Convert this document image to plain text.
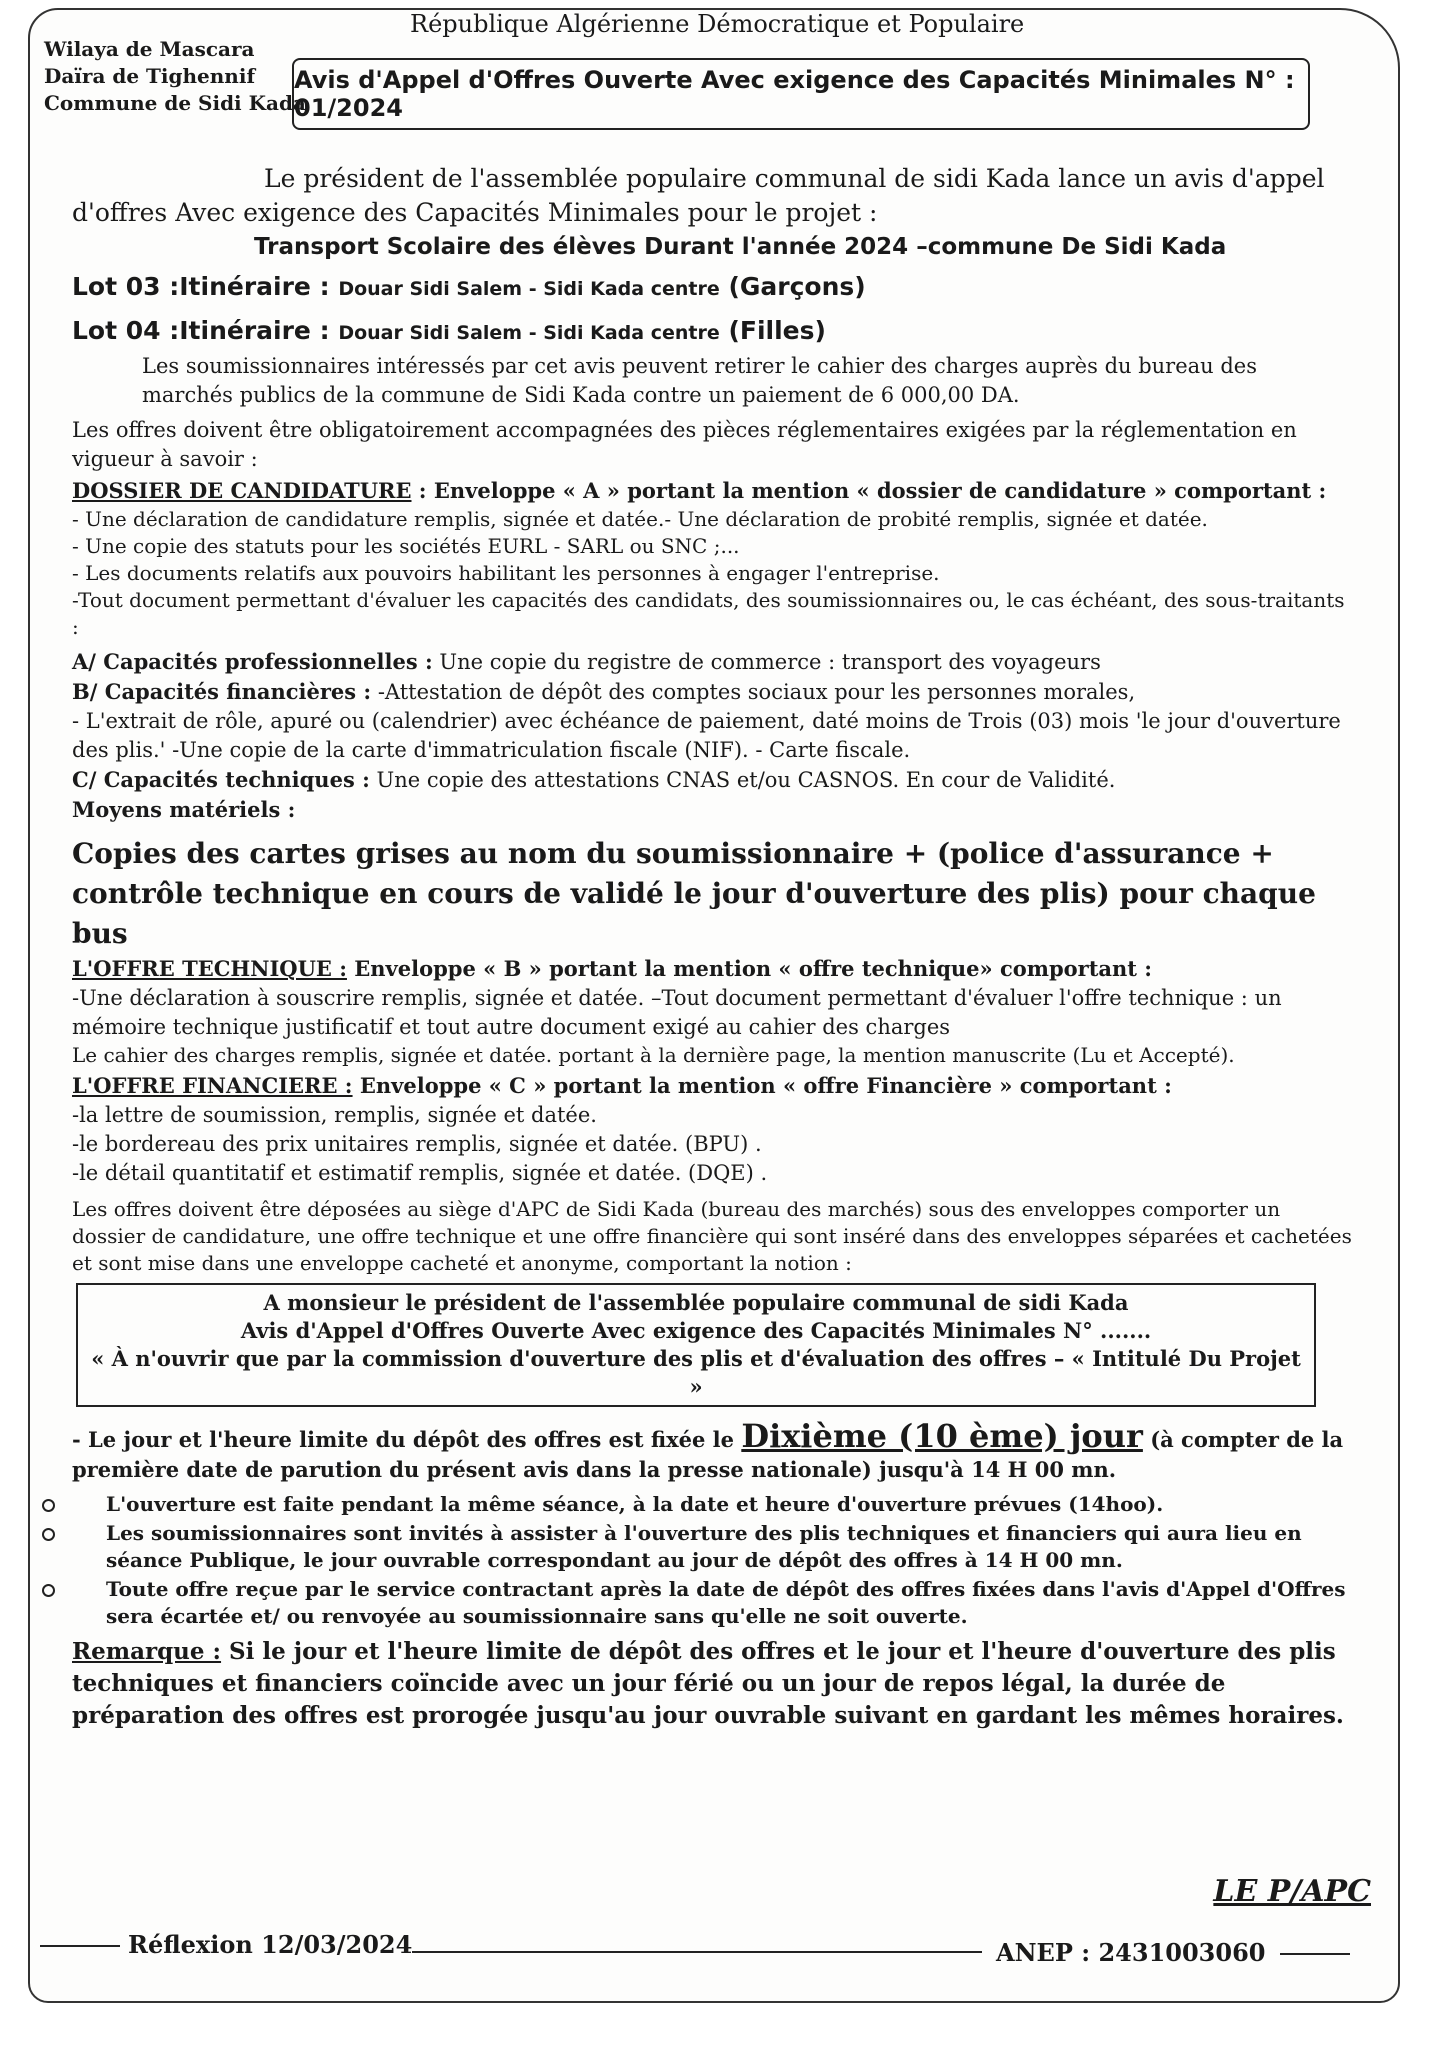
République Algérienne Démocratique et Populaire
Wilaya de Mascara
Daïra de Tighennif
Commune de Sidi Kada
Avis d'Appel d'Offres Ouverte Avec exigence des Capacités Minimales N° : 01/2024

Le président de l'assemblée populaire communal de sidi Kada lance un avis d'appel

d'offres Avec exigence des Capacités Minimales pour le projet :

Transport Scolaire des élèves Durant l'année 2024 –commune De Sidi Kada

Lot 03 :Itinéraire : Douar Sidi Salem - Sidi Kada centre (Garçons)
Lot 04 :Itinéraire : Douar Sidi Salem - Sidi Kada centre (Filles)

Les soumissionnaires intéressés par cet avis peuvent retirer le cahier des charges auprès du bureau des marchés publics de la commune de Sidi Kada contre un paiement de 6 000,00 DA.

Les offres doivent être obligatoirement accompagnées des pièces réglementaires exigées par la réglementation en vigueur à savoir :

DOSSIER DE CANDIDATURE : Enveloppe « A » portant la mention « dossier de candidature » comportant :

- Une déclaration de candidature remplis, signée et datée.- Une déclaration de probité remplis, signée et datée.

- Une copie des statuts pour les sociétés EURL - SARL ou SNC ;...

- Les documents relatifs aux pouvoirs habilitant les personnes à engager l'entreprise.

-Tout document permettant d'évaluer les capacités des candidats, des soumissionnaires ou, le cas échéant, des sous-traitants :

A/ Capacités professionnelles : Une copie du registre de commerce : transport des voyageurs

B/ Capacités financières : -Attestation de dépôt des comptes sociaux pour les personnes morales,

- L'extrait de rôle, apuré ou (calendrier) avec échéance de paiement, daté moins de Trois (03) mois 'le jour d'ouverture des plis.' -Une copie de la carte d'immatriculation fiscale (NIF). - Carte fiscale.

C/ Capacités techniques : Une copie des attestations CNAS et/ou CASNOS. En cour de Validité.

Moyens matériels :

Copies des cartes grises au nom du soumissionnaire + (police d'assurance + contrôle technique en cours de validé le jour d'ouverture des plis) pour chaque bus

L'OFFRE TECHNIQUE : Enveloppe « B » portant la mention « offre technique» comportant :

-Une déclaration à souscrire remplis, signée et datée. –Tout document permettant d'évaluer l'offre technique : un mémoire technique justificatif et tout autre document exigé au cahier des charges

Le cahier des charges remplis, signée et datée. portant à la dernière page, la mention manuscrite (Lu et Accepté).

L'OFFRE FINANCIERE : Enveloppe « C » portant la mention « offre Financière » comportant :

-la lettre de soumission, remplis, signée et datée.

-le bordereau des prix unitaires remplis, signée et datée. (BPU) .

-le détail quantitatif et estimatif remplis, signée et datée. (DQE) .

Les offres doivent être déposées au siège d'APC de Sidi Kada (bureau des marchés) sous des enveloppes comporter un dossier de candidature, une offre technique et une offre financière qui sont inséré dans des enveloppes séparées et cachetées et sont mise dans une enveloppe cacheté et anonyme, comportant la notion :

A monsieur le président de l'assemblée populaire communal de sidi Kada
Avis d'Appel d'Offres Ouverte Avec exigence des Capacités Minimales N° .......
« À n'ouvrir que par la commission d'ouverture des plis et d'évaluation des offres – « Intitulé Du Projet »

- Le jour et l'heure limite du dépôt des offres est fixée le Dixième (10 ème) jour (à compter de la première date de parution du présent avis dans la presse nationale) jusqu'à 14 H 00 mn.

L'ouverture est faite pendant la même séance, à la date et heure d'ouverture prévues (14hoo).
Les soumissionnaires sont invités à assister à l'ouverture des plis techniques et financiers qui aura lieu en séance Publique, le jour ouvrable correspondant au jour de dépôt des offres à 14 H 00 mn.
Toute offre reçue par le service contractant après la date de dépôt des offres fixées dans l'avis d'Appel d'Offres sera écartée et/ ou renvoyée au soumissionnaire sans qu'elle ne soit ouverte.

Remarque : Si le jour et l'heure limite de dépôt des offres et le jour et l'heure d'ouverture des plis techniques et financiers coïncide avec un jour férié ou un jour de repos légal, la durée de préparation des offres est prorogée jusqu'au jour ouvrable suivant en gardant les mêmes horaires.

LE P/APC
Réflexion 12/03/2024	ANEP : 2431003060
